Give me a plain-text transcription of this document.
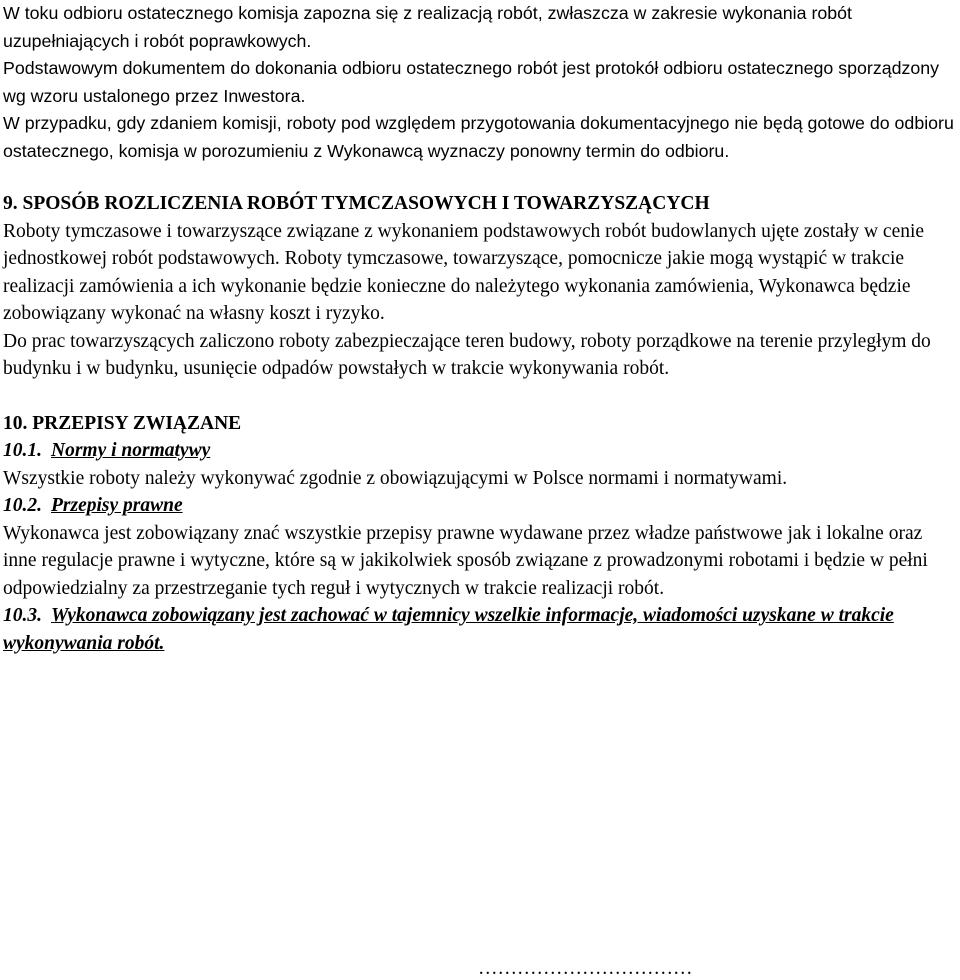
W toku odbioru ostatecznego komisja zapozna się z realizacją robót, zwłaszcza w zakresie wykonania robót uzupełniających i robót poprawkowych.

Podstawowym dokumentem do dokonania odbioru ostatecznego robót jest protokół odbioru ostatecznego sporządzony wg wzoru ustalonego przez Inwestora.

W przypadku, gdy zdaniem komisji, roboty pod względem przygotowania dokumentacyjnego nie będą gotowe do odbioru ostatecznego, komisja w porozumieniu z Wykonawcą wyznaczy ponowny termin do odbioru.

9. SPOSÓB ROZLICZENIA ROBÓT TYMCZASOWYCH I TOWARZYSZĄCYCH

Roboty tymczasowe i towarzyszące związane z wykonaniem podstawowych robót budowlanych ujęte zostały w cenie jednostkowej robót podstawowych. Roboty tymczasowe, towarzyszące, pomocnicze jakie mogą wystąpić w trakcie realizacji zamówienia a ich wykonanie będzie konieczne do należytego wykonania zamówienia, Wykonawca będzie zobowiązany wykonać na własny koszt i ryzyko.

Do prac towarzyszących zaliczono roboty zabezpieczające teren budowy, roboty porządkowe na terenie przyległym do budynku i w budynku, usunięcie odpadów powstałych w trakcie wykonywania robót.

10. PRZEPISY ZWIĄZANE
10.1. Normy i normatywy

Wszystkie roboty należy wykonywać zgodnie z obowiązującymi w Polsce normami i normatywami.

10.2. Przepisy prawne

Wykonawca jest zobowiązany znać wszystkie przepisy prawne wydawane przez władze państwowe jak i lokalne oraz inne regulacje prawne i wytyczne, które są w jakikolwiek sposób związane z prowadzonymi robotami i będzie w pełni odpowiedzialny za przestrzeganie tych reguł i wytycznych w trakcie realizacji robót.

10.3. Wykonawca zobowiązany jest zachować w tajemnicy wszelkie informacje, wiadomości uzyskane w trakcie wykonywania robót.
……………………………
